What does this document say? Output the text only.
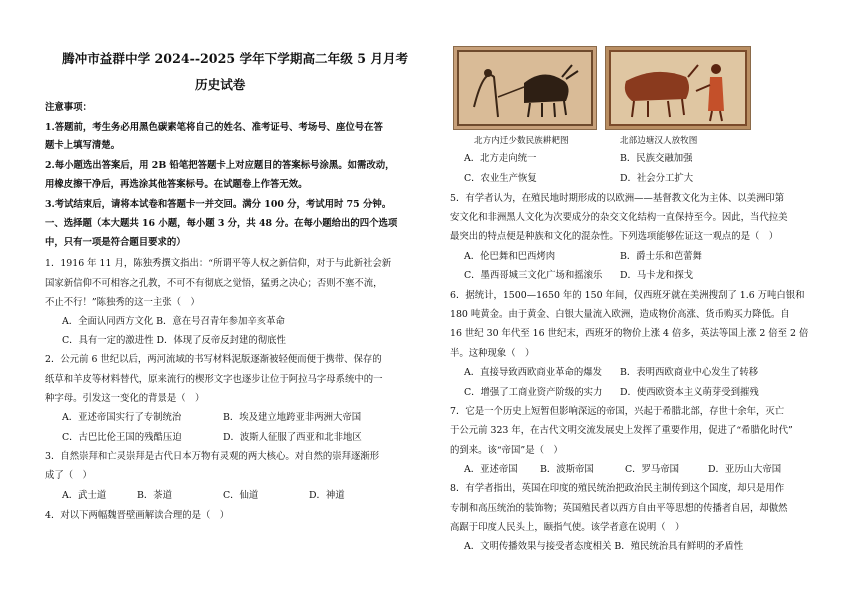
腾冲市益群中学 2024--2025 学年下学期高二年级 5 月月考
历史试卷
注意事项：
1.答题前，考生务必用黑色碳素笔将自己的姓名、准考证号、考场号、座位号在答
题卡上填写清楚。
2.每小题选出答案后，用 2B 铅笔把答题卡上对应题目的答案标号涂黑。如需改动，
用橡皮擦干净后，再选涂其他答案标号。在试题卷上作答无效。
3.考试结束后，请将本试卷和答题卡一并交回。满分 100 分，考试用时 75 分钟。
一、选择题（本大题共 16 小题，每小题 3 分，共 48 分。在每小题给出的四个选项
中，只有一项是符合题目要求的）
1．1916 年 11 月，陈独秀撰文指出：“所谓平等人权之新信仰，对于与此新社会新
国家新信仰不可相容之孔教，不可不有彻底之觉悟，猛勇之决心；否则不塞不流，
不止不行！”陈独秀的这一主张（　）
A．全面认同西方文化 B．意在号召青年参加辛亥革命
C．具有一定的激进性 D．体现了反帝反封建的彻底性
2．公元前 6 世纪以后，两河流域的书写材料泥版逐渐被轻便而便于携带、保存的
纸草和羊皮等材料替代，原来流行的楔形文字也逐步让位于阿拉马字母系统中的一
种字母。引发这一变化的背景是（　）
A．亚述帝国实行了专制统治	B．埃及建立地跨亚非两洲大帝国
C．古巴比伦王国的残酷压迫	D．波斯人征服了西亚和北非地区
3．自然崇拜和亡灵崇拜是古代日本万物有灵观的两大核心。对自然的崇拜逐渐形
成了（　）
A．武士道	B．茶道	C．仙道	D．神道
4．对以下两幅魏晋壁画解读合理的是（　）
北方内迁少数民族耕耙图	北部边塘汉人放牧图
A．北方走向统一	B．民族交融加强
C．农业生产恢复	D．社会分工扩大
5．有学者认为，在殖民地时期形成的以欧洲——基督教文化为主体、以美洲印第
安文化和非洲黑人文化为次要成分的杂交文化结构一直保持至今。因此，当代拉美
最突出的特点便是种族和文化的混杂性。下列选项能够佐证这一观点的是（　）
A．伦巴舞和巴西烤肉	B．爵士乐和芭蕾舞
C．墨西哥城三文化广场和摇滚乐 D．马卡龙和探戈
6．据统计，1500—1650 年的 150 年间，仅西班牙就在美洲搜刮了 1.6 万吨白银和
180 吨黄金。由于黄金、白银大量流入欧洲，造成物价高涨、货币购买力降低。自
16 世纪 30 年代至 16 世纪末，西班牙的物价上涨 4 倍多，英法等国上涨 2 倍至 2 倍
半。这种现象（　）
A．直接导致西欧商业革命的爆发 B．表明西欧商业中心发生了转移
C．增强了工商业资产阶级的实力 D．使西欧资本主义萌芽受到摧残
7．它是一个历史上短暂但影响深远的帝国，兴起于希腊北部，存世十余年，灭亡
于公元前 323 年，在古代文明交流发展史上发挥了重要作用，促进了“希腊化时代”
的到来。该“帝国”是（　）
A．亚述帝国 B．波斯帝国	C．罗马帝国	D．亚历山大帝国
8．有学者指出，英国在印度的殖民统治把政治民主制传到这个国度，却只是用作
专制和高压统治的装饰物；英国殖民者以西方自由平等思想的传播者自居，却傲然
高踞于印度人民头上，颐指气使。该学者意在说明（　）
A．文明传播效果与接受者态度相关 B．殖民统治具有鲜明的矛盾性
